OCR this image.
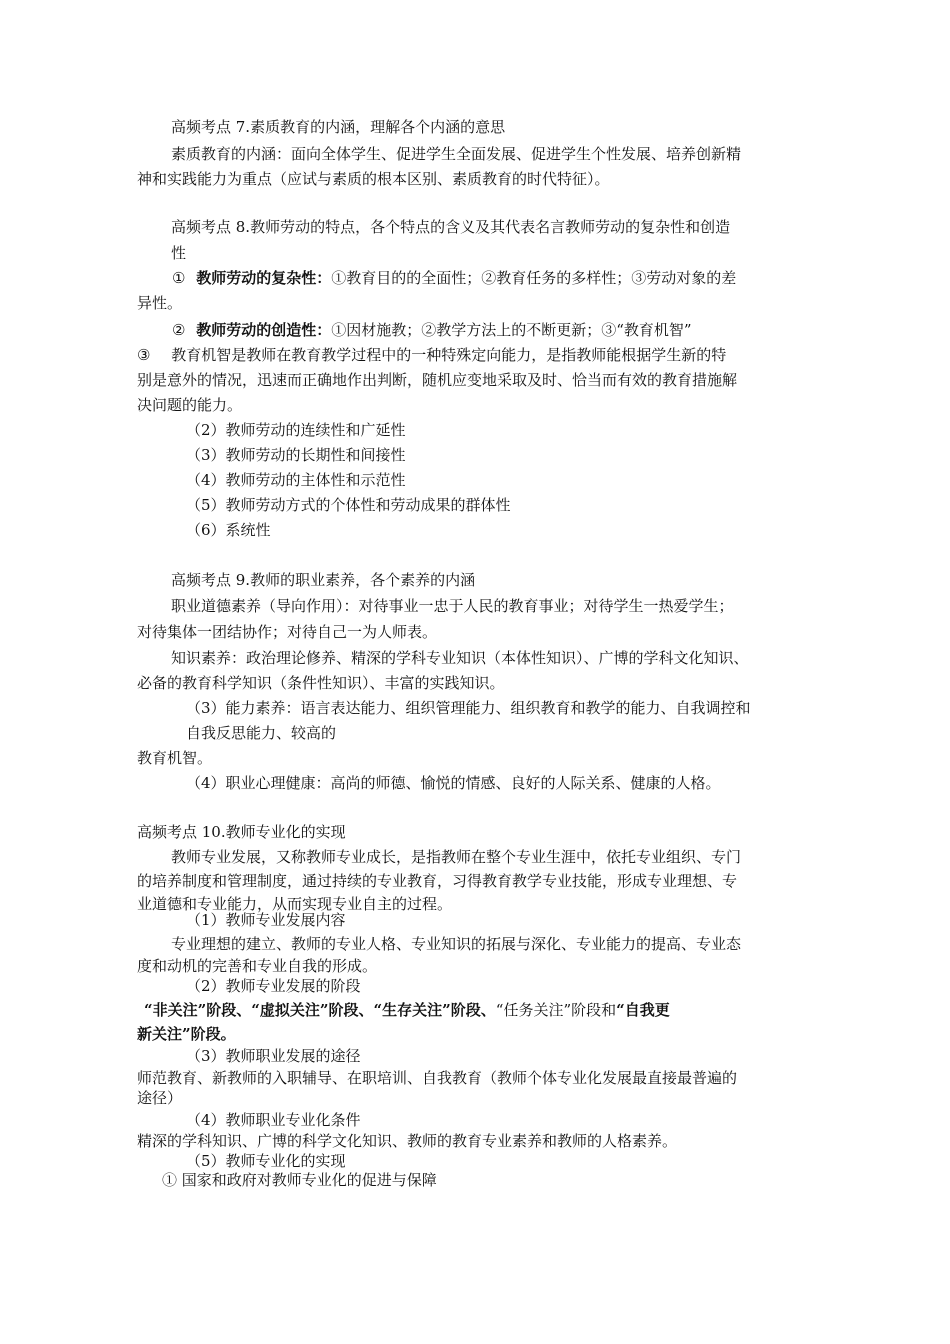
高频考点 7.素质教育的内涵，理解各个内涵的意思
素质教育的内涵：面向全体学生、促进学生全面发展、促进学生个性发展、培养创新精
神和实践能力为重点（应试与素质的根本区别、素质教育的时代特征）。
高频考点 8.教师劳动的特点，各个特点的含义及其代表名言教师劳动的复杂性和创造
性
① 教师劳动的复杂性：①教育目的的全面性；②教育任务的多样性；③劳动对象的差
异性。
② 教师劳动的创造性：①因材施教；②教学方法上的不断更新；③“教育机智”
③ 教育机智是教师在教育教学过程中的一种特殊定向能力，是指教师能根据学生新的特
别是意外的情况，迅速而正确地作出判断，随机应变地采取及时、恰当而有效的教育措施解
决问题的能力。
（2）教师劳动的连续性和广延性
（3）教师劳动的长期性和间接性
（4）教师劳动的主体性和示范性
（5）教师劳动方式的个体性和劳动成果的群体性
（6）系统性
高频考点 9.教师的职业素养，各个素养的内涵
职业道德素养（导向作用）：对待事业一忠于人民的教育事业；对待学生一热爱学生；
对待集体一团结协作；对待自己一为人师表。
知识素养：政治理论修养、精深的学科专业知识（本体性知识）、广博的学科文化知识、
必备的教育科学知识（条件性知识）、丰富的实践知识。
（3）能力素养：语言表达能力、组织管理能力、组织教育和教学的能力、自我调控和
自我反思能力、较高的
教育机智。
（4）职业心理健康：高尚的师德、愉悦的情感、良好的人际关系、健康的人格。
高频考点 10.教师专业化的实现
教师专业发展，又称教师专业成长，是指教师在整个专业生涯中，依托专业组织、专门
的培养制度和管理制度，通过持续的专业教育，习得教育教学专业技能，形成专业理想、专
业道德和专业能力，从而实现专业自主的过程。
（1）教师专业发展内容
专业理想的建立、教师的专业人格、专业知识的拓展与深化、专业能力的提高、专业态
度和动机的完善和专业自我的形成。
（2）教师专业发展的阶段
“非关注”阶段、“虚拟关注”阶段、“生存关注”阶段、“任务关注”阶段和“自我更
新关注”阶段。
（3）教师职业发展的途径
师范教育、新教师的入职辅导、在职培训、自我教育（教师个体专业化发展最直接最普遍的
途径）
（4）教师职业专业化条件
精深的学科知识、广博的科学文化知识、教师的教育专业素养和教师的人格素养。
（5）教师专业化的实现
① 国家和政府对教师专业化的促进与保障
